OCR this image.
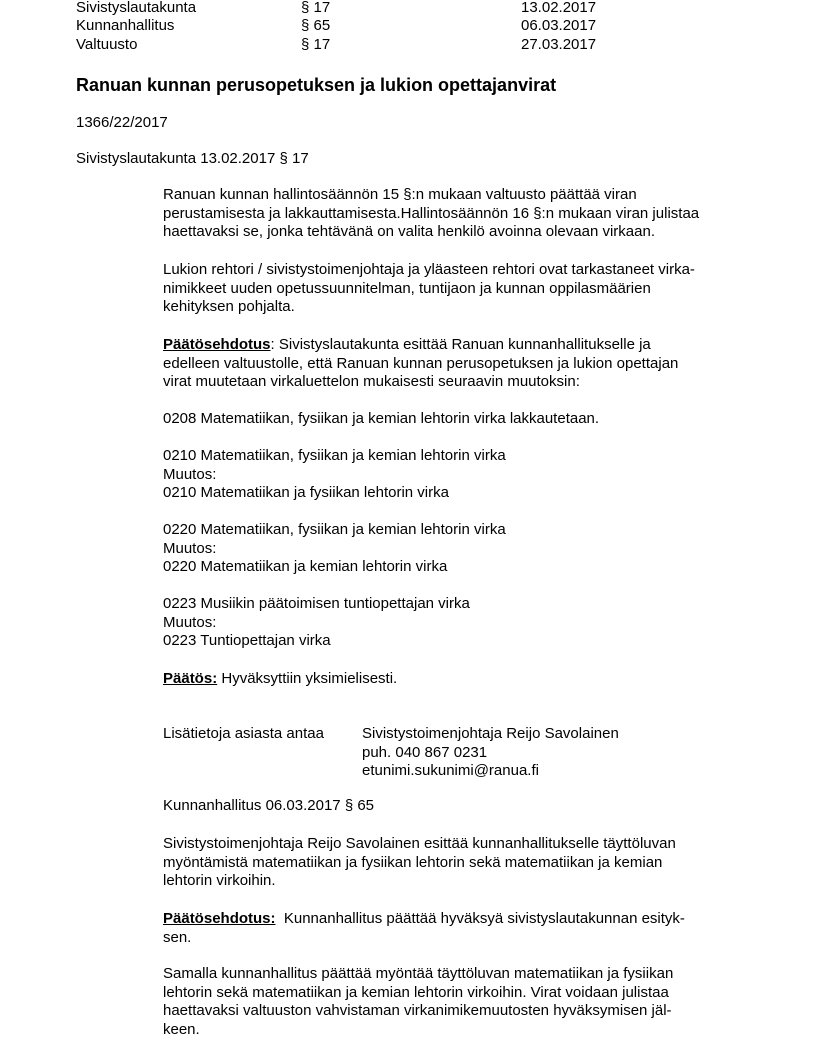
Sivistyslautakunta	§ 17	13.02.2017
Kunnanhallitus	§ 65	06.03.2017
Valtuusto	§ 17	27.03.2017
Ranuan kunnan perusopetuksen ja lukion opettajanvirat
1366/22/2017
Sivistyslautakunta 13.02.2017 § 17

Ranuan kunnan hallintosäännön 15 §:n mukaan valtuusto päättää viran

perustamisesta ja lakkauttamisesta.Hallintosäännön 16 §:n mukaan viran julistaa

haettavaksi se, jonka tehtävänä on valita henkilö avoinna olevaan virkaan.

Lukion rehtori / sivistystoimenjohtaja ja yläasteen rehtori ovat tarkastaneet virka-

nimikkeet uuden opetussuunnitelman, tuntijaon ja kunnan oppilasmäärien

kehityksen pohjalta.

Päätösehdotus: Sivistyslautakunta esittää Ranuan kunnanhallitukselle ja

edelleen valtuustolle, että Ranuan kunnan perusopetuksen ja lukion opettajan

virat muutetaan virkaluettelon mukaisesti seuraavin muutoksin:

0208 Matematiikan, fysiikan ja kemian lehtorin virka lakkautetaan.

0210 Matematiikan, fysiikan ja kemian lehtorin virka

Muutos:

0210 Matematiikan ja fysiikan lehtorin virka

0220 Matematiikan, fysiikan ja kemian lehtorin virka

Muutos:

0220 Matematiikan ja kemian lehtorin virka

0223 Musiikin päätoimisen tuntiopettajan virka

Muutos:

0223 Tuntiopettajan virka

Päätös: Hyväksyttiin yksimielisesti.

Lisätietoja asiasta antaa	Sivistystoimenjohtaja Reijo Savolainen

puh. 040 867 0231

etunimi.sukunimi@ranua.fi

Kunnanhallitus 06.03.2017 § 65

Sivistystoimenjohtaja Reijo Savolainen esittää kunnanhallitukselle täyttöluvan

myöntämistä matematiikan ja fysiikan lehtorin sekä matematiikan ja kemian

lehtorin virkoihin.

Päätösehdotus:  Kunnanhallitus päättää hyväksyä sivistyslautakunnan esityk-

sen.

Samalla kunnanhallitus päättää myöntää täyttöluvan matematiikan ja fysiikan

lehtorin sekä matematiikan ja kemian lehtorin virkoihin. Virat voidaan julistaa

haettavaksi valtuuston vahvistaman virkanimikemuutosten hyväksymisen jäl-

keen.
